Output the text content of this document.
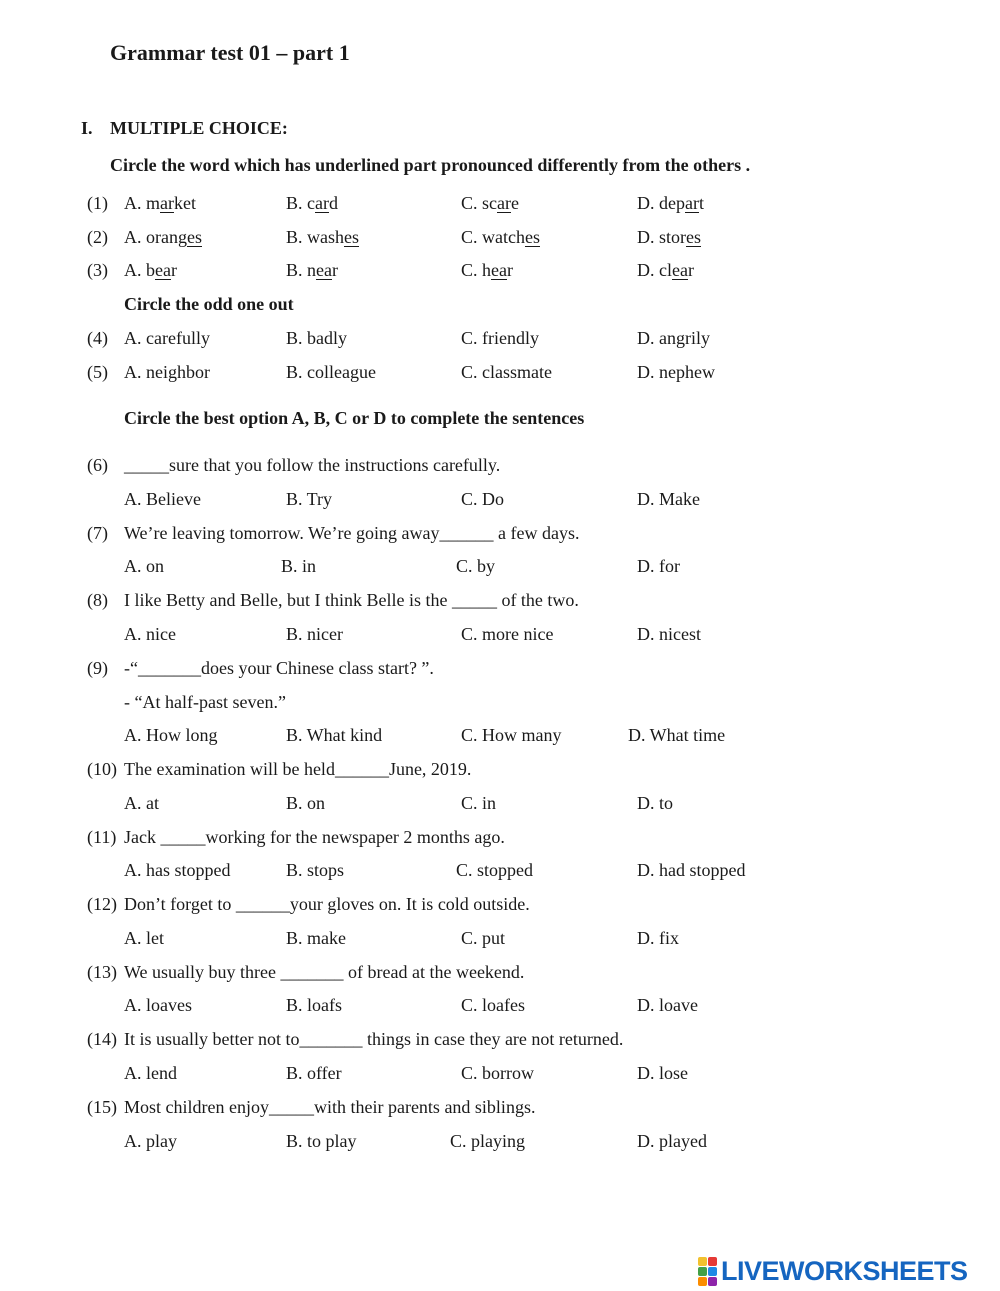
Grammar test 01 – part 1
I. MULTIPLE CHOICE:
Circle the word which has underlined part pronounced differently from the others .
(1) A. market	B. card	C. scare	D. depart
(2) A. oranges	B. washes	C. watches	D. stores
(3) A. bear	B. near	C. hear	D. clear
Circle the odd one out
(4) A. carefully	B. badly	C. friendly	D. angrily
(5) A. neighbor	B. colleague	C. classmate	D. nephew
Circle the best option A, B, C or D to complete the sentences
(6) _____sure that you follow the instructions carefully.
A. Believe	B. Try	C. Do	D. Make
(7) We’re leaving tomorrow. We’re going away______ a few days.
A. on	B. in	C. by	D. for
(8) I like Betty and Belle, but I think Belle is the _____ of the two.
A. nice	B. nicer	C. more nice	D. nicest
(9) -“_______does your Chinese class start? ”.
- “At half-past seven.”
A. How long	B. What kind	C. How many	D. What time
(10) The examination will be held______June, 2019.
A. at	B. on	C. in	D. to
(11) Jack _____working for the newspaper 2 months ago.
A. has stopped	B. stops	C. stopped	D. had stopped
(12) Don’t forget to ______your gloves on. It is cold outside.
A. let	B. make	C. put	D. fix
(13) We usually buy three _______ of bread at the weekend.
A. loaves	B. loafs	C. loafes	D. loave
(14) It is usually better not to_______ things in case they are not returned.
A. lend	B. offer	C. borrow	D. lose
(15) Most children enjoy_____with their parents and siblings.
A. play	B. to play	C. playing	D. played
LIVEWORKSHEETS
